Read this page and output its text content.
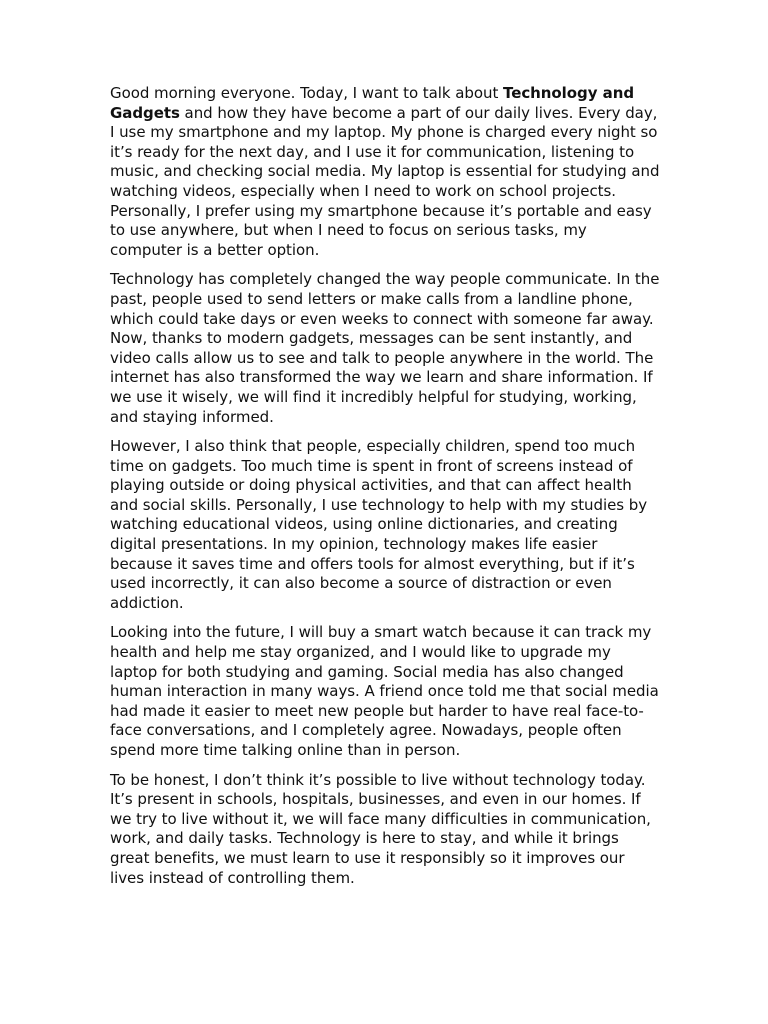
Good morning everyone. Today, I want to talk about Technology and Gadgets and how they have become a part of our daily lives. Every day, I use my smartphone and my laptop. My phone is charged every night so it’s ready for the next day, and I use it for communication, listening to music, and checking social media. My laptop is essential for studying and watching videos, especially when I need to work on school projects. Personally, I prefer using my smartphone because it’s portable and easy to use anywhere, but when I need to focus on serious tasks, my computer is a better option.

Technology has completely changed the way people communicate. In the past, people used to send letters or make calls from a landline phone, which could take days or even weeks to connect with someone far away. Now, thanks to modern gadgets, messages can be sent instantly, and video calls allow us to see and talk to people anywhere in the world. The internet has also transformed the way we learn and share information. If we use it wisely, we will find it incredibly helpful for studying, working, and staying informed.

However, I also think that people, especially children, spend too much time on gadgets. Too much time is spent in front of screens instead of playing outside or doing physical activities, and that can affect health and social skills. Personally, I use technology to help with my studies by watching educational videos, using online dictionaries, and creating digital presentations. In my opinion, technology makes life easier because it saves time and offers tools for almost everything, but if it’s used incorrectly, it can also become a source of distraction or even addiction.

Looking into the future, I will buy a smart watch because it can track my health and help me stay organized, and I would like to upgrade my laptop for both studying and gaming. Social media has also changed human interaction in many ways. A friend once told me that social media had made it easier to meet new people but harder to have real face-to-face conversations, and I completely agree. Nowadays, people often spend more time talking online than in person.

To be honest, I don’t think it’s possible to live without technology today. It’s present in schools, hospitals, businesses, and even in our homes. If we try to live without it, we will face many difficulties in communication, work, and daily tasks. Technology is here to stay, and while it brings great benefits, we must learn to use it responsibly so it improves our lives instead of controlling them.
